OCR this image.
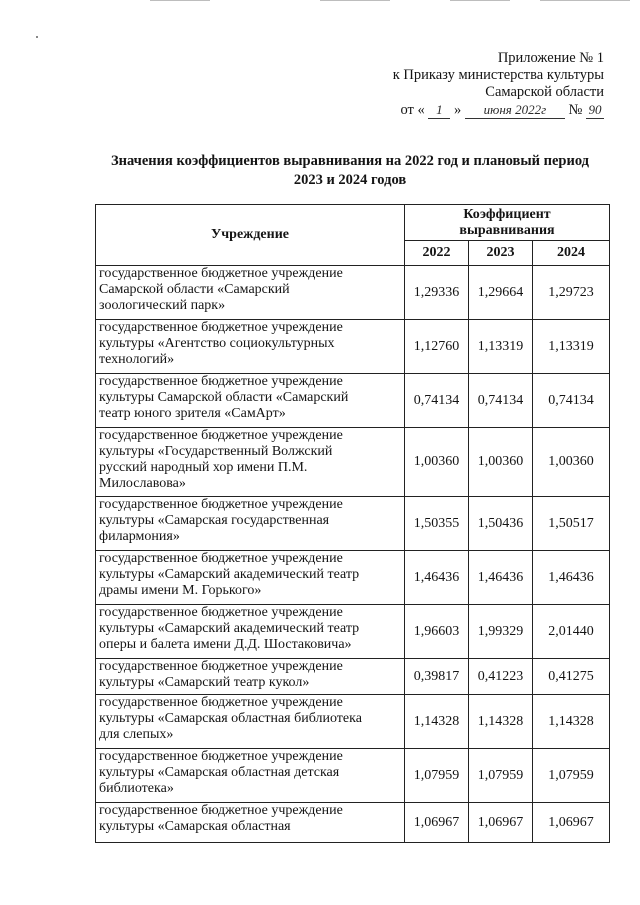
Приложение № 1
к Приказу министерства культуры
Самарской области
от « 1 » июня 2022г № 90
Значения коэффициентов выравнивания на 2022 год и плановый период
2023 и 2024 годов
Учреждение	Коэффициент
выравнивания		

	2022	2023	2024

государственное бюджетное учреждение
Самарской области «Самарский
зоологический парк»	1,29336	1,29664	1,29723

государственное бюджетное учреждение
культуры «Агентство социокультурных
технологий»	1,12760	1,13319	1,13319

государственное бюджетное учреждение
культуры Самарской области «Самарский
театр юного зрителя «СамАрт»	0,74134	0,74134	0,74134

государственное бюджетное учреждение
культуры «Государственный Волжский
русский народный хор имени П.М.
Милославова»	1,00360	1,00360	1,00360

государственное бюджетное учреждение
культуры «Самарская государственная
филармония»	1,50355	1,50436	1,50517

государственное бюджетное учреждение
культуры «Самарский академический театр
драмы имени М. Горького»	1,46436	1,46436	1,46436

государственное бюджетное учреждение
культуры «Самарский академический театр
оперы и балета имени Д.Д. Шостаковича»	1,96603	1,99329	2,01440

государственное бюджетное учреждение
культуры «Самарский театр кукол»	0,39817	0,41223	0,41275

государственное бюджетное учреждение
культуры «Самарская областная библиотека
для слепых»	1,14328	1,14328	1,14328

государственное бюджетное учреждение
культуры «Самарская областная детская
библиотека»	1,07959	1,07959	1,07959

государственное бюджетное учреждение
культуры «Самарская областная	1,06967	1,06967	1,06967
